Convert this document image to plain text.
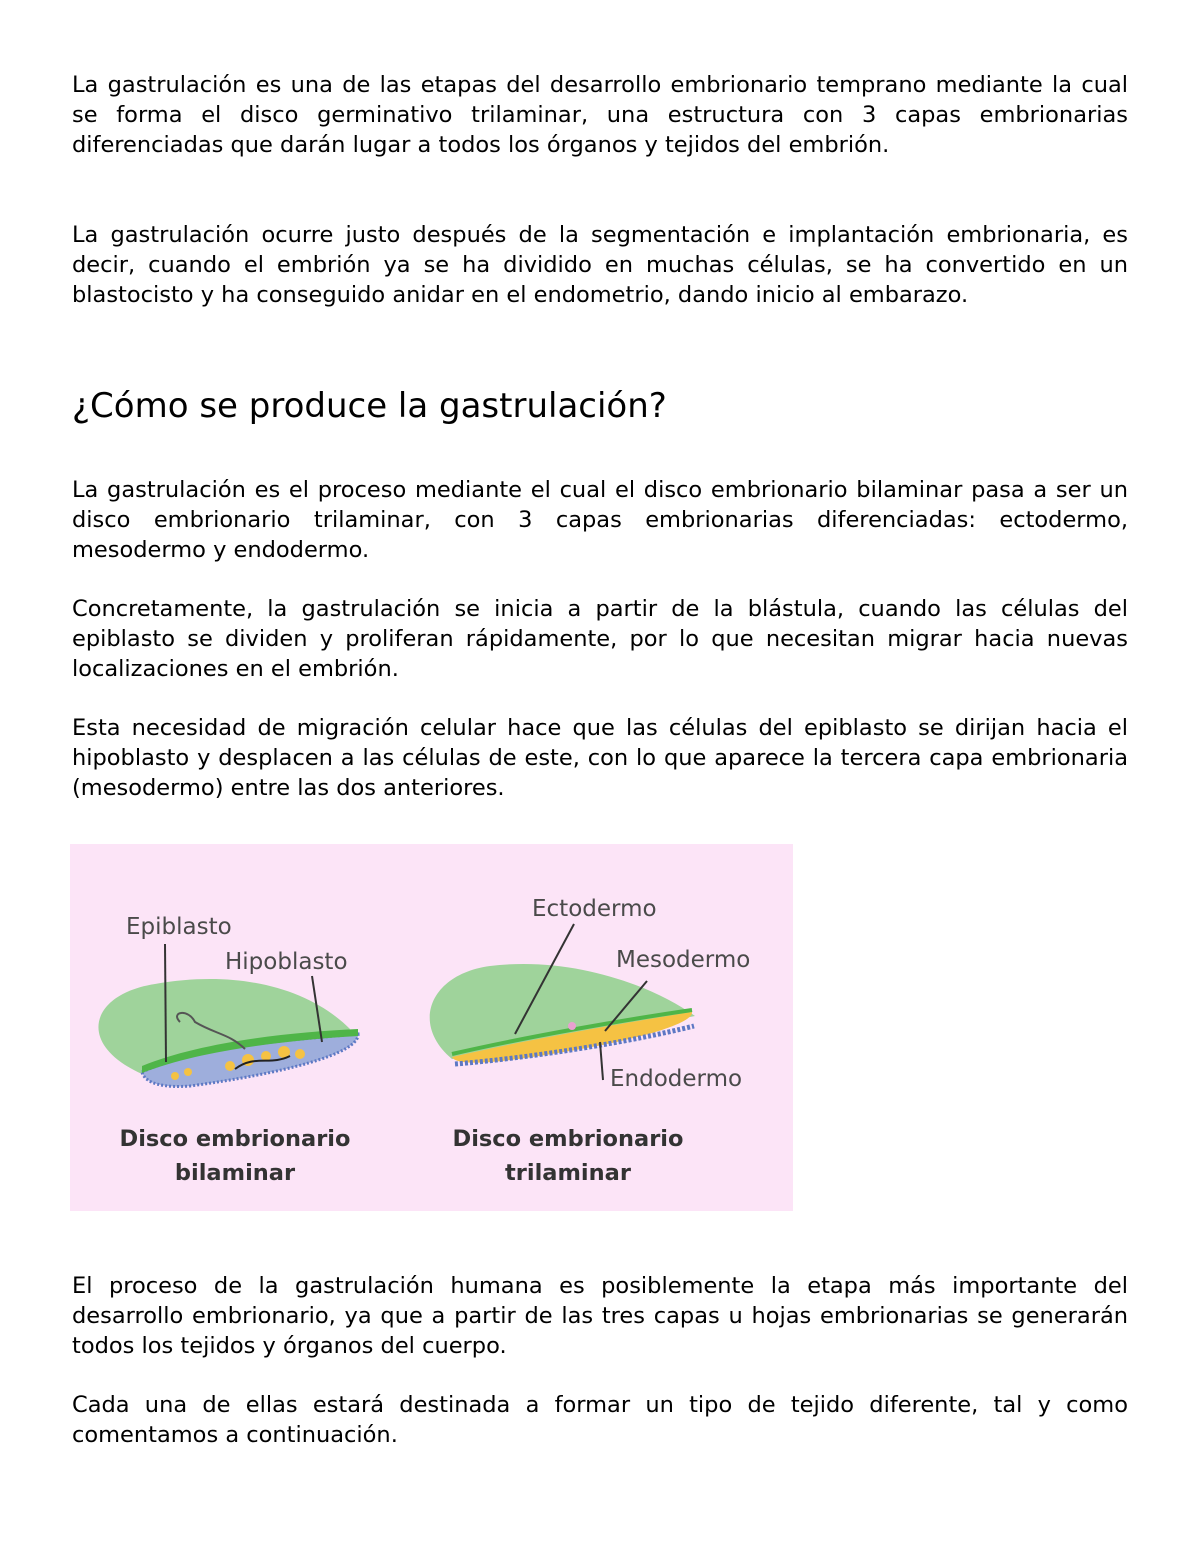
La gastrulación es una de las etapas del desarrollo embrionario temprano mediante la cual se forma el disco germinativo trilaminar, una estructura con 3 capas embrionarias diferenciadas que darán lugar a todos los órganos y tejidos del embrión.

La gastrulación ocurre justo después de la segmentación e implantación embrionaria, es decir, cuando el embrión ya se ha dividido en muchas células, se ha convertido en un blastocisto y ha conseguido anidar en el endometrio, dando inicio al embarazo.

¿Cómo se produce la gastrulación?

La gastrulación es el proceso mediante el cual el disco embrionario bilaminar pasa a ser un disco embrionario trilaminar, con 3 capas embrionarias diferenciadas: ectodermo, mesodermo y endodermo.

Concretamente, la gastrulación se inicia a partir de la blástula, cuando las células del epiblasto se dividen y proliferan rápidamente, por lo que necesitan migrar hacia nuevas localizaciones en el embrión.

Esta necesidad de migración celular hace que las células del epiblasto se dirijan hacia el hipoblasto y desplacen a las células de este, con lo que aparece la tercera capa embrionaria (mesodermo) entre las dos anteriores.

Epiblasto
Hipoblasto
Disco embrionario
bilaminar
Ectodermo
Mesodermo
Endodermo
Disco embrionario
trilaminar

El proceso de la gastrulación humana es posiblemente la etapa más importante del desarrollo embrionario, ya que a partir de las tres capas u hojas embrionarias se generarán todos los tejidos y órganos del cuerpo.

Cada una de ellas estará destinada a formar un tipo de tejido diferente, tal y como comentamos a continuación.
